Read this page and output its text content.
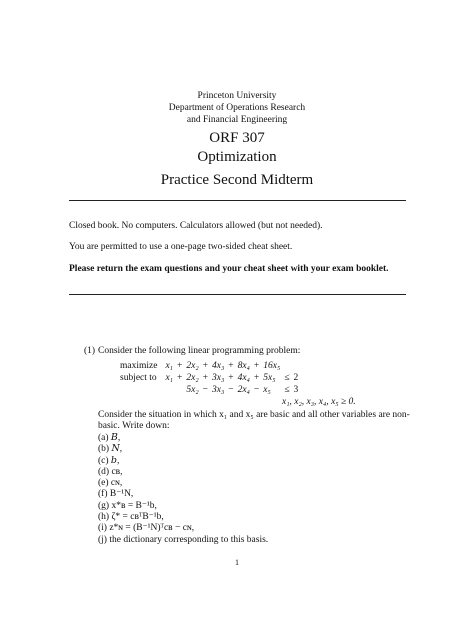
Princeton University
Department of Operations Research
and Financial Engineering
ORF 307
Optimization
Practice Second Midterm
Closed book. No computers. Calculators allowed (but not needed).
You are permitted to use a one-page two-sided cheat sheet.
Please return the exam questions and your cheat sheet with your exam booklet.
(1) Consider the following linear programming problem:
maximize	x₁	+	2x₂	+	4x₃	+	8x₄	+	16x₅		
subject to	x₁	+	2x₂	+	3x₃	+	4x₄	+	5x₅	≤	2
			5x₂	−	3x₃	−	2x₄	−	x₅	≤	3
x₁, x₂, x₃, x₄, x₅ ≥ 0.
Consider the situation in which x₁ and x₅ are basic and all other variables are non-
basic. Write down:
(a) 𝐵,
(b) 𝑁,
(c) 𝑏,
(d) cʙ,
(e) cɴ,
(f) B⁻¹N,
(g) x*ʙ = B⁻¹b,
(h) ζ* = cʙᵀB⁻¹b,
(i) z*ɴ = (B⁻¹N)ᵀcʙ − cɴ,
(j) the dictionary corresponding to this basis.
1
